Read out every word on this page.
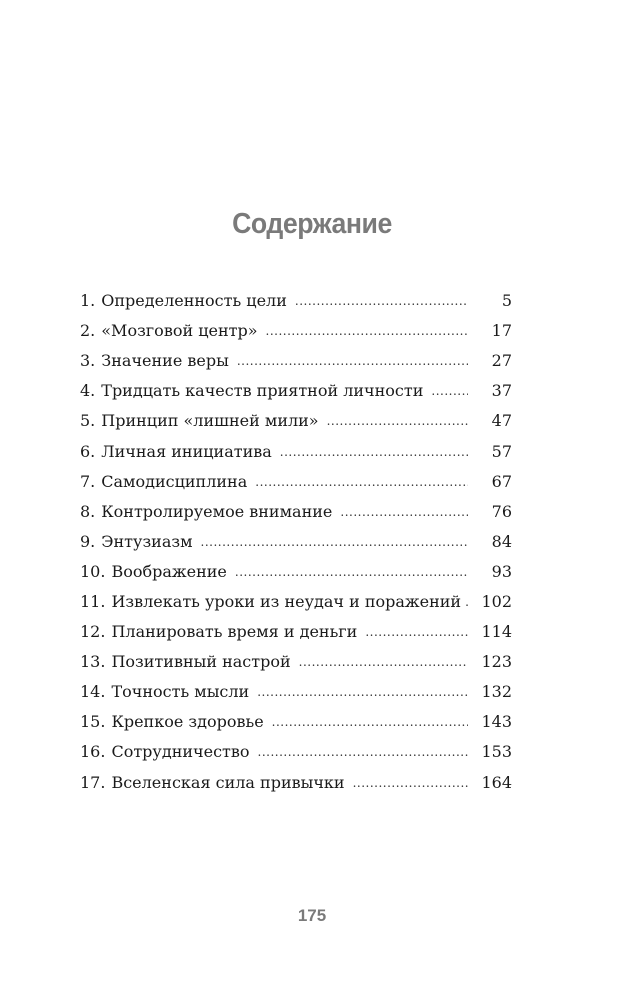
Содержание
1. Определенность цели .....	5
2. «Мозговой центр» .....	17
3. Значение веры .....	27
4. Тридцать качеств приятной личности .....	37
5. Принцип «лишней мили» .....	47
6. Личная инициатива .....	57
7. Самодисциплина .....	67
8. Контролируемое внимание .....	76
9. Энтузиазм .....	84
10. Воображение .....	93
11. Извлекать уроки из неудач и поражений .....	102
12. Планировать время и деньги .....	114
13. Позитивный настрой .....	123
14. Точность мысли .....	132
15. Крепкое здоровье .....	143
16. Сотрудничество .....	153
17. Вселенская сила привычки .....	164
175
